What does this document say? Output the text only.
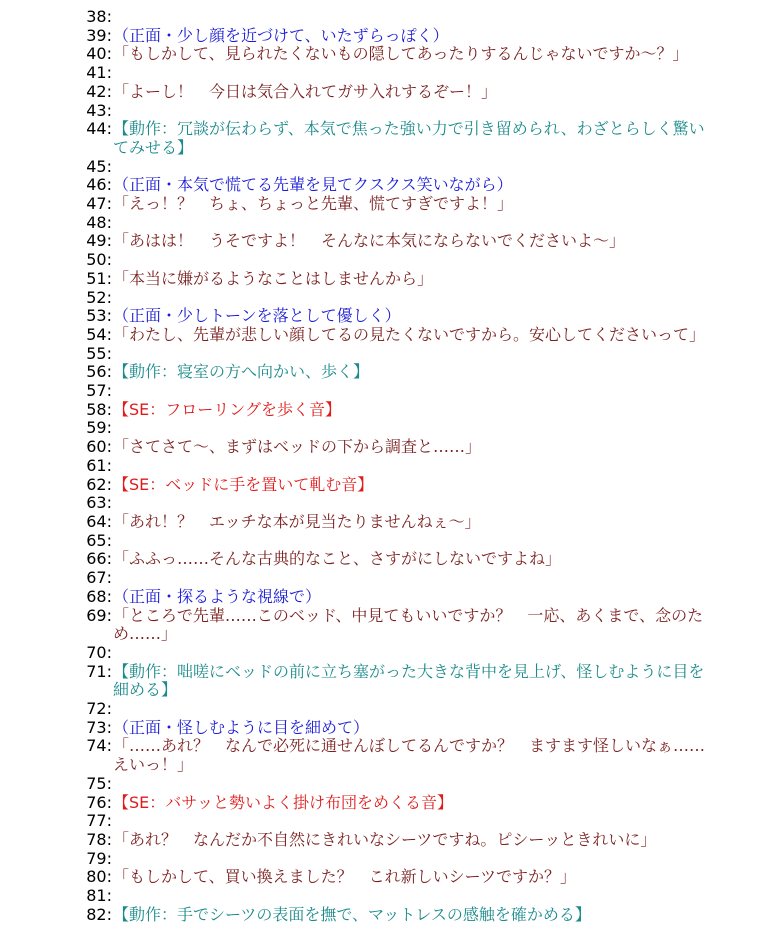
38:
39: （正面・少し顔を近づけて、いたずらっぽく）
40: 「もしかして、見られたくないもの隠してあったりするんじゃないですか～？」
41:
42: 「よーし！　今日は気合入れてガサ入れするぞー！」
43:
44: 【動作：冗談が伝わらず、本気で焦った強い力で引き留められ、わざとらしく驚いてみせる】
45:
46: （正面・本気で慌てる先輩を見てクスクス笑いながら）
47: 「えっ！？　ちょ、ちょっと先輩、慌てすぎですよ！」
48:
49: 「あはは！　うそですよ！　そんなに本気にならないでくださいよ～」
50:
51: 「本当に嫌がるようなことはしませんから」
52:
53: （正面・少しトーンを落として優しく）
54: 「わたし、先輩が悲しい顔してるの見たくないですから。安心してくださいって」
55:
56: 【動作：寝室の方へ向かい、歩く】
57:
58: 【SE：フローリングを歩く音】
59:
60: 「さてさて～、まずはベッドの下から調査と……」
61:
62: 【SE：ベッドに手を置いて軋む音】
63:
64: 「あれ！？　エッチな本が見当たりませんねぇ～」
65:
66: 「ふふっ……そんな古典的なこと、さすがにしないですよね」
67:
68: （正面・探るような視線で）
69: 「ところで先輩……このベッド、中見てもいいですか？　一応、あくまで、念のため……」
70:
71: 【動作：咄嗟にベッドの前に立ち塞がった大きな背中を見上げ、怪しむように目を細める】
72:
73: （正面・怪しむように目を細めて）
74: 「……あれ？　なんで必死に通せんぼしてるんですか？　ますます怪しいなぁ……えいっ！」
75:
76: 【SE：バサッと勢いよく掛け布団をめくる音】
77:
78: 「あれ？　なんだか不自然にきれいなシーツですね。ピシーッときれいに」
79:
80: 「もしかして、買い換えました？　これ新しいシーツですか？」
81:
82: 【動作：手でシーツの表面を撫で、マットレスの感触を確かめる】
